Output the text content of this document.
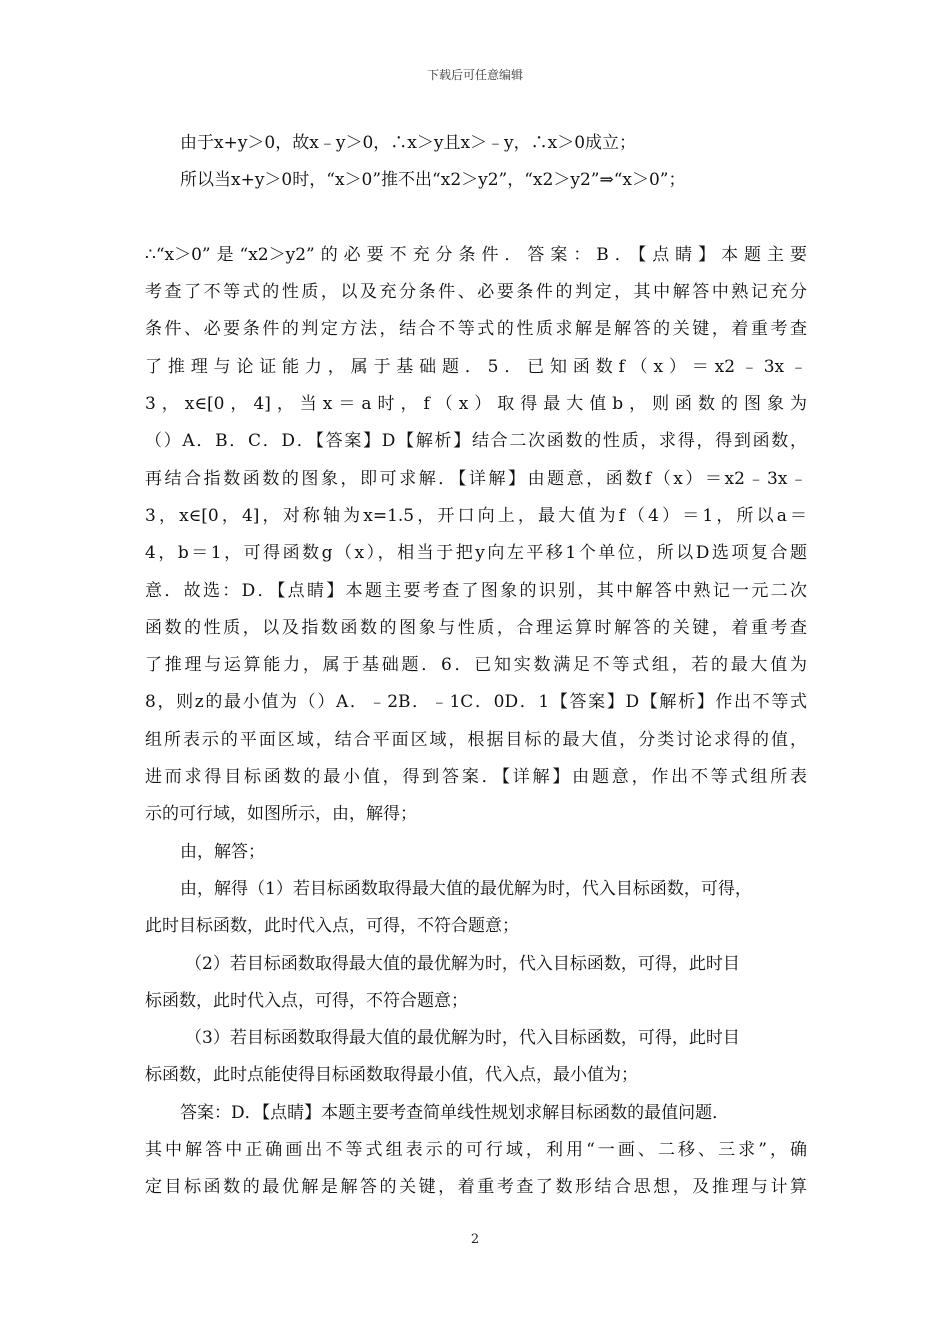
下载后可任意编辑
由于x+y＞0，故x﹣y＞0，∴x＞y且x＞﹣y，∴x＞0成立；
所以当x+y＞0时，“x＞0”推不出“x2＞y2”，“x2＞y2”⇒“x＞0”；
∴“x＞0”是“x2＞y2”的必要不充分条件．答案：B．【点睛】本题主要
考查了不等式的性质，以及充分条件、必要条件的判定，其中解答中熟记充分
条件、必要条件的判定方法，结合不等式的性质求解是解答的关键，着重考查
了推理与论证能力，属于基础题．5．已知函数f（x）＝x2﹣3x﹣
3，x∈[0，4]，当x＝a时，f（x）取得最大值b，则函数的图象为
（）A．B．C．D．【答案】D【解析】结合二次函数的性质，求得，得到函数，
再结合指数函数的图象，即可求解．【详解】由题意，函数f（x）＝x2﹣3x﹣
3，x∈[0，4]，对称轴为x=1.5，开口向上，最大值为f（4）＝1，所以a＝
4，b＝1，可得函数g（x），相当于把y向左平移1个单位，所以D选项复合题
意．故选：D．【点睛】本题主要考查了图象的识别，其中解答中熟记一元二次
函数的性质，以及指数函数的图象与性质，合理运算时解答的关键，着重考查
了推理与运算能力，属于基础题．6．已知实数满足不等式组，若的最大值为
8，则z的最小值为（）A．﹣2B．﹣1C．0D．1【答案】D【解析】作出不等式
组所表示的平面区域，结合平面区域，根据目标的最大值，分类讨论求得的值，
进而求得目标函数的最小值，得到答案．【详解】由题意，作出不等式组所表
示的可行域，如图所示，由，解得；
由，解答；
由，解得（1）若目标函数取得最大值的最优解为时，代入目标函数，可得，
此时目标函数，此时代入点，可得，不符合题意；
（2）若目标函数取得最大值的最优解为时，代入目标函数，可得，此时目
标函数，此时代入点，可得，不符合题意；
（3）若目标函数取得最大值的最优解为时，代入目标函数，可得，此时目
标函数，此时点能使得目标函数取得最小值，代入点，最小值为；
答案：D．【点睛】本题主要考查简单线性规划求解目标函数的最值问题．
其中解答中正确画出不等式组表示的可行域，利用“一画、二移、三求”，确
定目标函数的最优解是解答的关键，着重考查了数形结合思想，及推理与计算
2
